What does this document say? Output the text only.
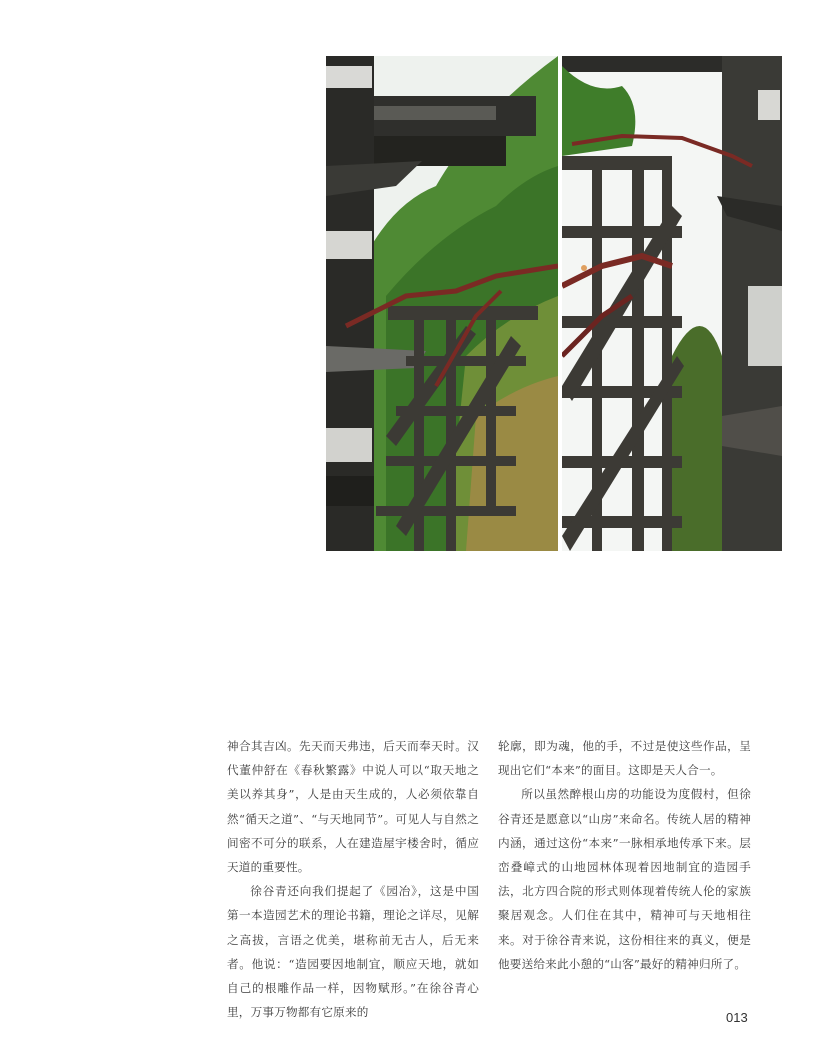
神合其吉凶。先天而天弗违，后天而奉天时。汉代董仲舒在《春秋繁露》中说人可以“取天地之美以养其身”，人是由天生成的，人必须依靠自然“循天之道”、“与天地同节”。可见人与自然之间密不可分的联系，人在建造屋宇楼舍时，循应天道的重要性。

徐谷青还向我们提起了《园冶》，这是中国第一本造园艺术的理论书籍，理论之详尽，见解之高拔，言语之优美，堪称前无古人，后无来者。他说：“造园要因地制宜，顺应天地，就如自己的根雕作品一样，因物赋形。”在徐谷青心里，万事万物都有它原来的

轮廓，即为魂，他的手，不过是使这些作品，呈现出它们“本来”的面目。这即是天人合一。

所以虽然醉根山房的功能设为度假村，但徐谷青还是愿意以“山房”来命名。传统人居的精神内涵，通过这份“本来”一脉相承地传承下来。层峦叠嶂式的山地园林体现着因地制宜的造园手法，北方四合院的形式则体现着传统人伦的家族聚居观念。人们住在其中，精神可与天地相往来。对于徐谷青来说，这份相往来的真义，便是他要送给来此小憩的“山客”最好的精神归所了。

013
